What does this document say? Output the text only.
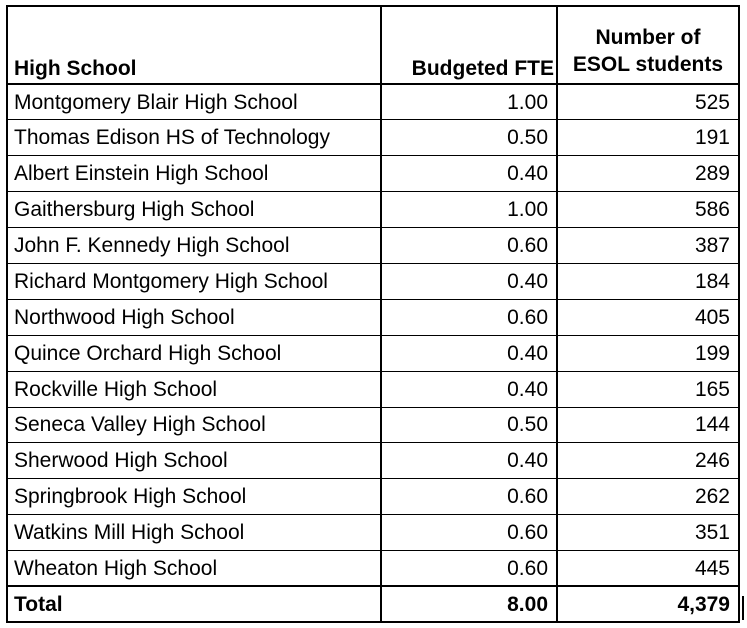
High School	Budgeted FTE	Number of
ESOL students
Montgomery Blair High School	1.00	525
Thomas Edison HS of Technology	0.50	191
Albert Einstein High School	0.40	289
Gaithersburg High School	1.00	586
John F. Kennedy High School	0.60	387
Richard Montgomery High School	0.40	184
Northwood High School	0.60	405
Quince Orchard High School	0.40	199
Rockville High School	0.40	165
Seneca Valley High School	0.50	144
Sherwood High School	0.40	246
Springbrook High School	0.60	262
Watkins Mill High School	0.60	351
Wheaton High School	0.60	445
Total	8.00	4,379
